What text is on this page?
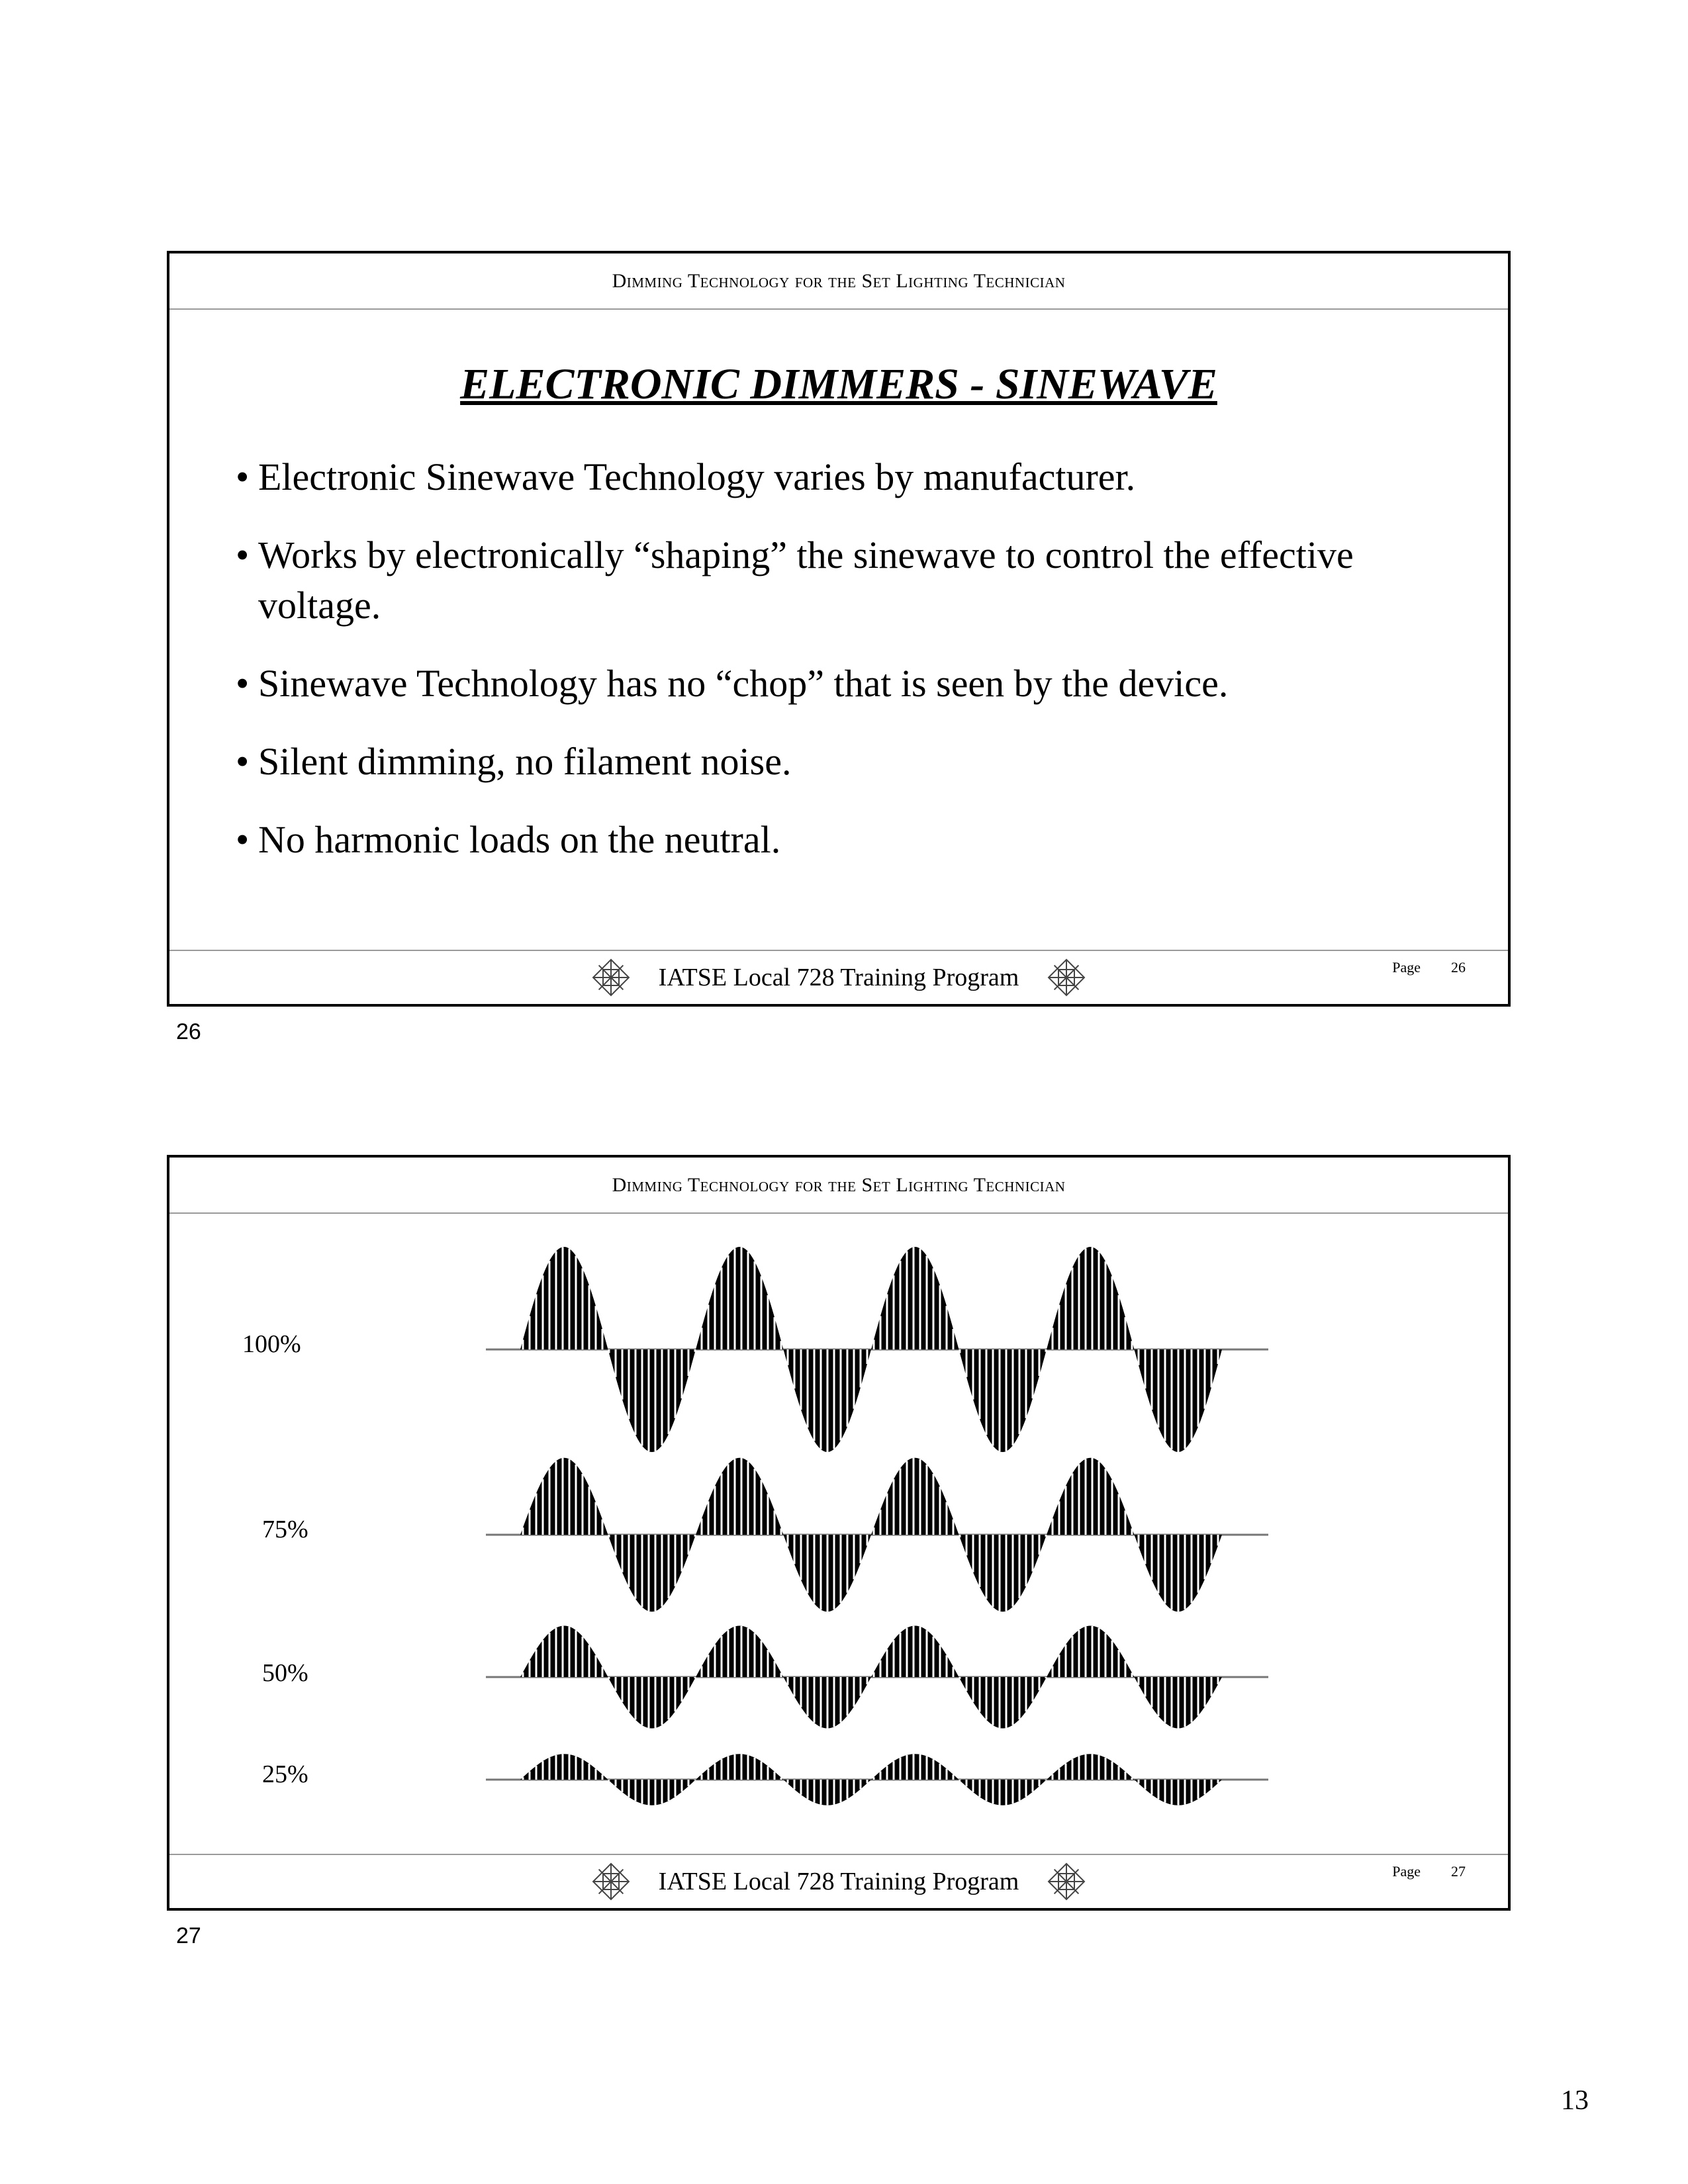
Dimming Technology for the Set Lighting Technician
ELECTRONIC DIMMERS - SINEWAVE
• Electronic Sinewave Technology varies by manufacturer.
• Works by electronically “shaping” the sinewave to control the effective voltage.
• Sinewave Technology has no “chop” that is seen by the device.
• Silent dimming, no filament noise.
• No harmonic loads on the neutral.
IATSE Local 728 Training Program	Page 26
26
Dimming Technology for the Set Lighting Technician
100%
75%
50%
25%
IATSE Local 728 Training Program	Page 27
27
13
